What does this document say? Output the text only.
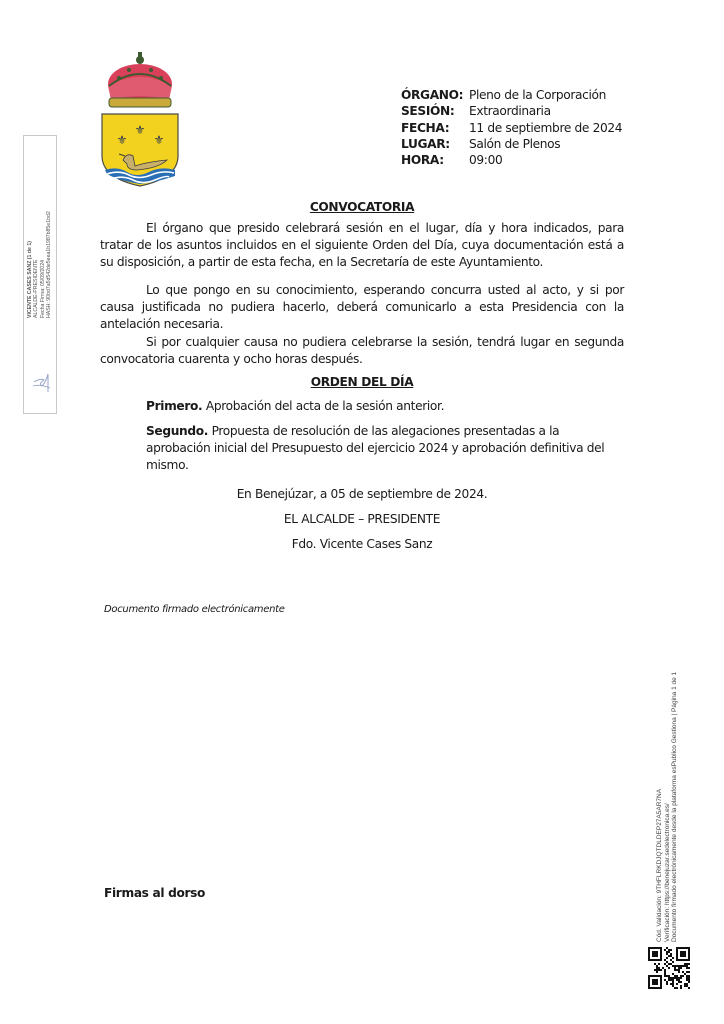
⚜
⚜ ⚜
ÓRGANO: Pleno de la Corporación
SESIÓN:	Extraordinaria
FECHA:	11 de septiembre de 2024
LUGAR:	Salón de Plenos
HORA:	09:00
CONVOCATORIA
El órgano que presido celebrará sesión en el lugar, día y hora indicados, para tratar de los asuntos incluidos en el siguiente Orden del Día, cuya documentación está a su disposición, a partir de esta fecha, en la Secretaría de este Ayuntamiento.
Lo que pongo en su conocimiento, esperando concurra usted al acto, y si por causa justificada no pudiera hacerlo, deberá comunicarlo a esta Presidencia con la antelación necesaria.
Si por cualquier causa no pudiera celebrarse la sesión, tendrá lugar en segunda convocatoria cuarenta y ocho horas después.
ORDEN DEL DÍA
Primero. Aprobación del acta de la sesión anterior.
Segundo. Propuesta de resolución de las alegaciones presentadas a la aprobación inicial del Presupuesto del ejercicio 2024 y aprobación definitiva del mismo.
En Benejúzar, a 05 de septiembre de 2024.
EL ALCALDE – PRESIDENTE
Fdo. Vicente Cases Sanz
Documento firmado electrónicamente
Firmas al dorso
VICENTE CASES SANZ (1 de 1) ALCALDE-PRESIDENTE Fecha Firma: 05/09/2024 HASH: 90bd7a5d542de5eea1b1987b85e1bd2
Cód. Validación: 9THFLRKDJQTDLDEP27A5AR7NA Verificación: https://benejuzar.sedelectronica.es/ Documento firmado electrónicamente desde la plataforma esPublico Gestiona | Página 1 de 1
